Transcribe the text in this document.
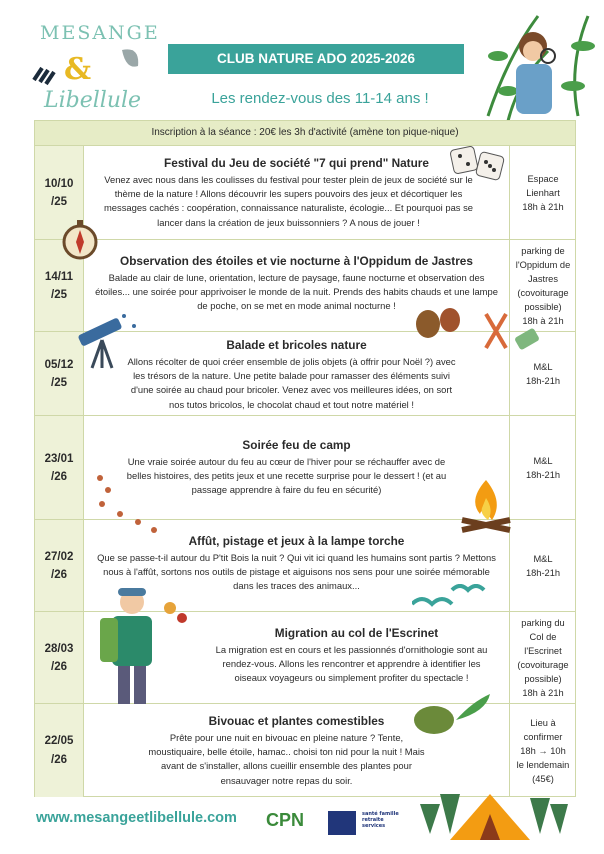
MESANGE
&
Libellule
CLUB NATURE ADO 2025-2026
Les rendez-vous des 11-14 ans !
Inscription à la séance : 20€ les 3h d'activité (amène ton pique-nique)
10/10
/25
Festival du Jeu de société "7 qui prend" Nature

Venez avec nous dans les coulisses du festival pour tester plein de jeux de société sur le thème de la nature ! Allons découvrir les supers pouvoirs des jeux et décortiquer les messages cachés : coopération, connaissance naturaliste, écologie... Et pourquoi pas se lancer dans la création de jeux buissonniers ? A nous de jouer !

Espace
Lienhart
18h à 21h
14/11
/25
Observation des étoiles et vie nocturne à l'Oppidum de Jastres

Balade au clair de lune, orientation, lecture de paysage, faune nocturne et observation des étoiles... une soirée pour apprivoiser le monde de la nuit. Prends des habits chauds et une lampe de poche, on se met en mode animal nocturne !

parking de
l'Oppidum de
Jastres
(covoiturage
possible)
18h à 21h
05/12
/25
Balade et bricoles nature

Allons récolter de quoi créer ensemble de jolis objets (à offrir pour Noël ?) avec les trésors de la nature. Une petite balade pour ramasser des éléments suivi d'une soirée au chaud pour bricoler. Venez avec vos meilleures idées, on sort nos tutos bricolos, le chocolat chaud et tout notre matériel !

M&L
18h-21h
23/01
/26
Soirée feu de camp

Une vraie soirée autour du feu au cœur de l'hiver pour se réchauffer avec de belles histoires, des petits jeux et une recette surprise pour le dessert ! (et au passage apprendre à faire du feu en sécurité)

M&L
18h-21h
27/02
/26
Affût, pistage et jeux à la lampe torche

Que se passe-t-il autour du P'tit Bois la nuit ? Qui vit ici quand les humains sont partis ? Mettons nous à l'affût, sortons nos outils de pistage et aiguisons nos sens pour une soirée mémorable dans les traces des animaux...

M&L
18h-21h
28/03
/26
Migration au col de l'Escrinet

La migration est en cours et les passionnés d'ornithologie sont au rendez-vous. Allons les rencontrer et apprendre à identifier les oiseaux voyageurs ou simplement profiter du spectacle !

parking du
Col de
l'Escrinet
(covoiturage
possible)
18h à 21h
22/05
/26
Bivouac et plantes comestibles

Prête pour une nuit en bivouac en pleine nature ? Tente, moustiquaire, belle étoile, hamac.. choisi ton nid pour la nuit ! Mais avant de s'installer, allons cueillir ensemble des plantes pour ensauvager notre repas du soir.

Lieu à
confirmer
18h → 10h
le lendemain
(45€)
www.mesangeetlibellule.com CPN	santé famille retraite services
